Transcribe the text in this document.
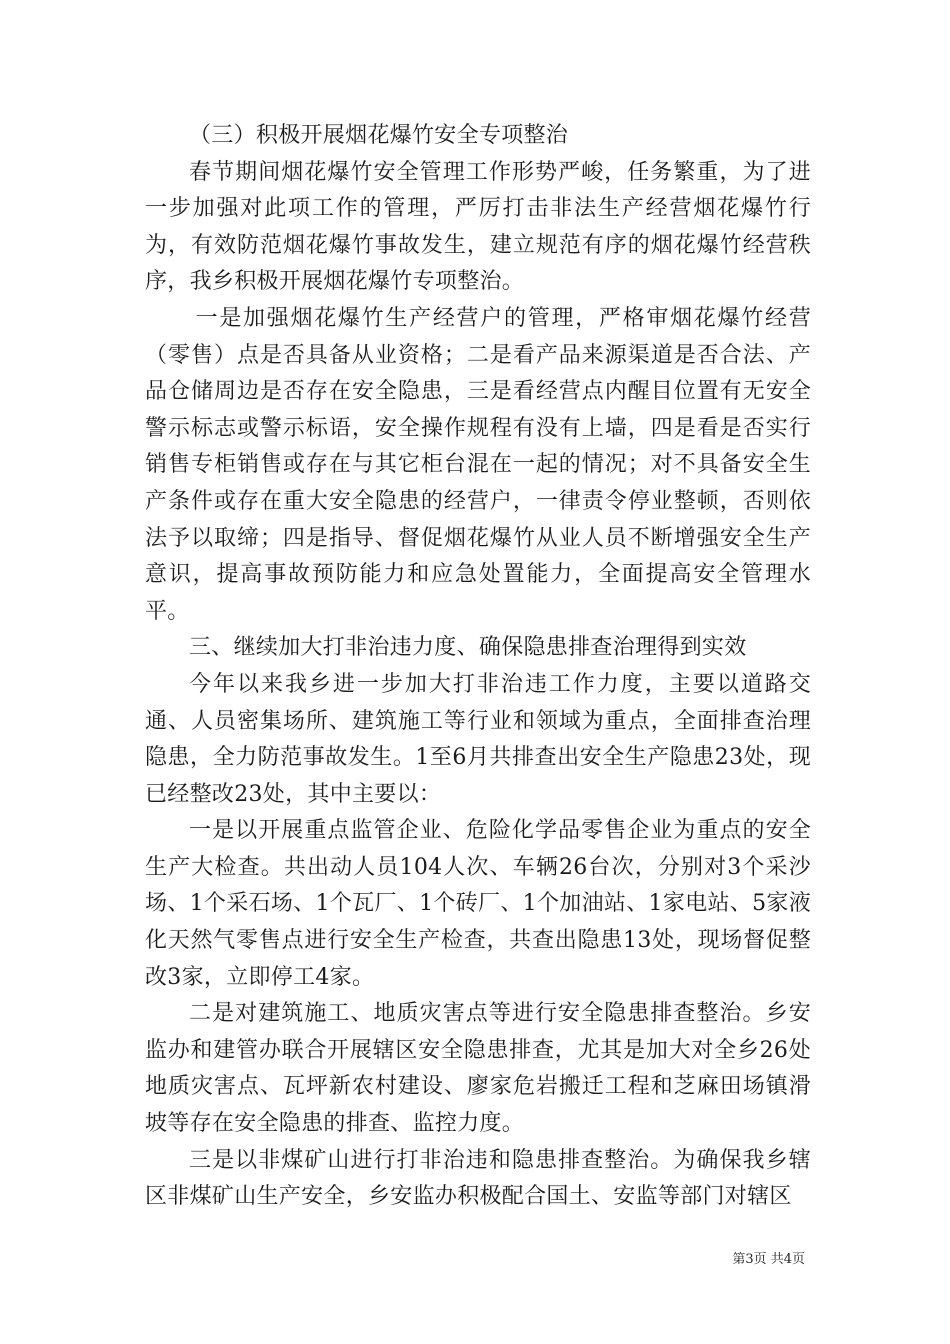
（三）积极开展烟花爆竹安全专项整治

春节期间烟花爆竹安全管理工作形势严峻，任务繁重，为了进一步加强对此项工作的管理，严厉打击非法生产经营烟花爆竹行为，有效防范烟花爆竹事故发生，建立规范有序的烟花爆竹经营秩序，我乡积极开展烟花爆竹专项整治。

一是加强烟花爆竹生产经营户的管理，严格审烟花爆竹经营（零售）点是否具备从业资格；二是看产品来源渠道是否合法、产品仓储周边是否存在安全隐患，三是看经营点内醒目位置有无安全警示标志或警示标语，安全操作规程有没有上墙，四是看是否实行销售专柜销售或存在与其它柜台混在一起的情况；对不具备安全生产条件或存在重大安全隐患的经营户，一律责令停业整顿，否则依法予以取缔；四是指导、督促烟花爆竹从业人员不断增强安全生产意识，提高事故预防能力和应急处置能力，全面提高安全管理水平。

三、继续加大打非治违力度、确保隐患排查治理得到实效

今年以来我乡进一步加大打非治违工作力度，主要以道路交通、人员密集场所、建筑施工等行业和领域为重点，全面排查治理隐患，全力防范事故发生。1至6月共排查出安全生产隐患23处，现已经整改23处，其中主要以：

一是以开展重点监管企业、危险化学品零售企业为重点的安全生产大检查。共出动人员104人次、车辆26台次，分别对3个采沙场、1个采石场、1个瓦厂、1个砖厂、1个加油站、1家电站、5家液化天然气零售点进行安全生产检查，共查出隐患13处，现场督促整改3家，立即停工4家。

二是对建筑施工、地质灾害点等进行安全隐患排查整治。乡安监办和建管办联合开展辖区安全隐患排查，尤其是加大对全乡26处地质灾害点、瓦坪新农村建设、廖家危岩搬迁工程和芝麻田场镇滑坡等存在安全隐患的排查、监控力度。

三是以非煤矿山进行打非治违和隐患排查整治。为确保我乡辖区非煤矿山生产安全，乡安监办积极配合国土、安监等部门对辖区

第3页 共4页
